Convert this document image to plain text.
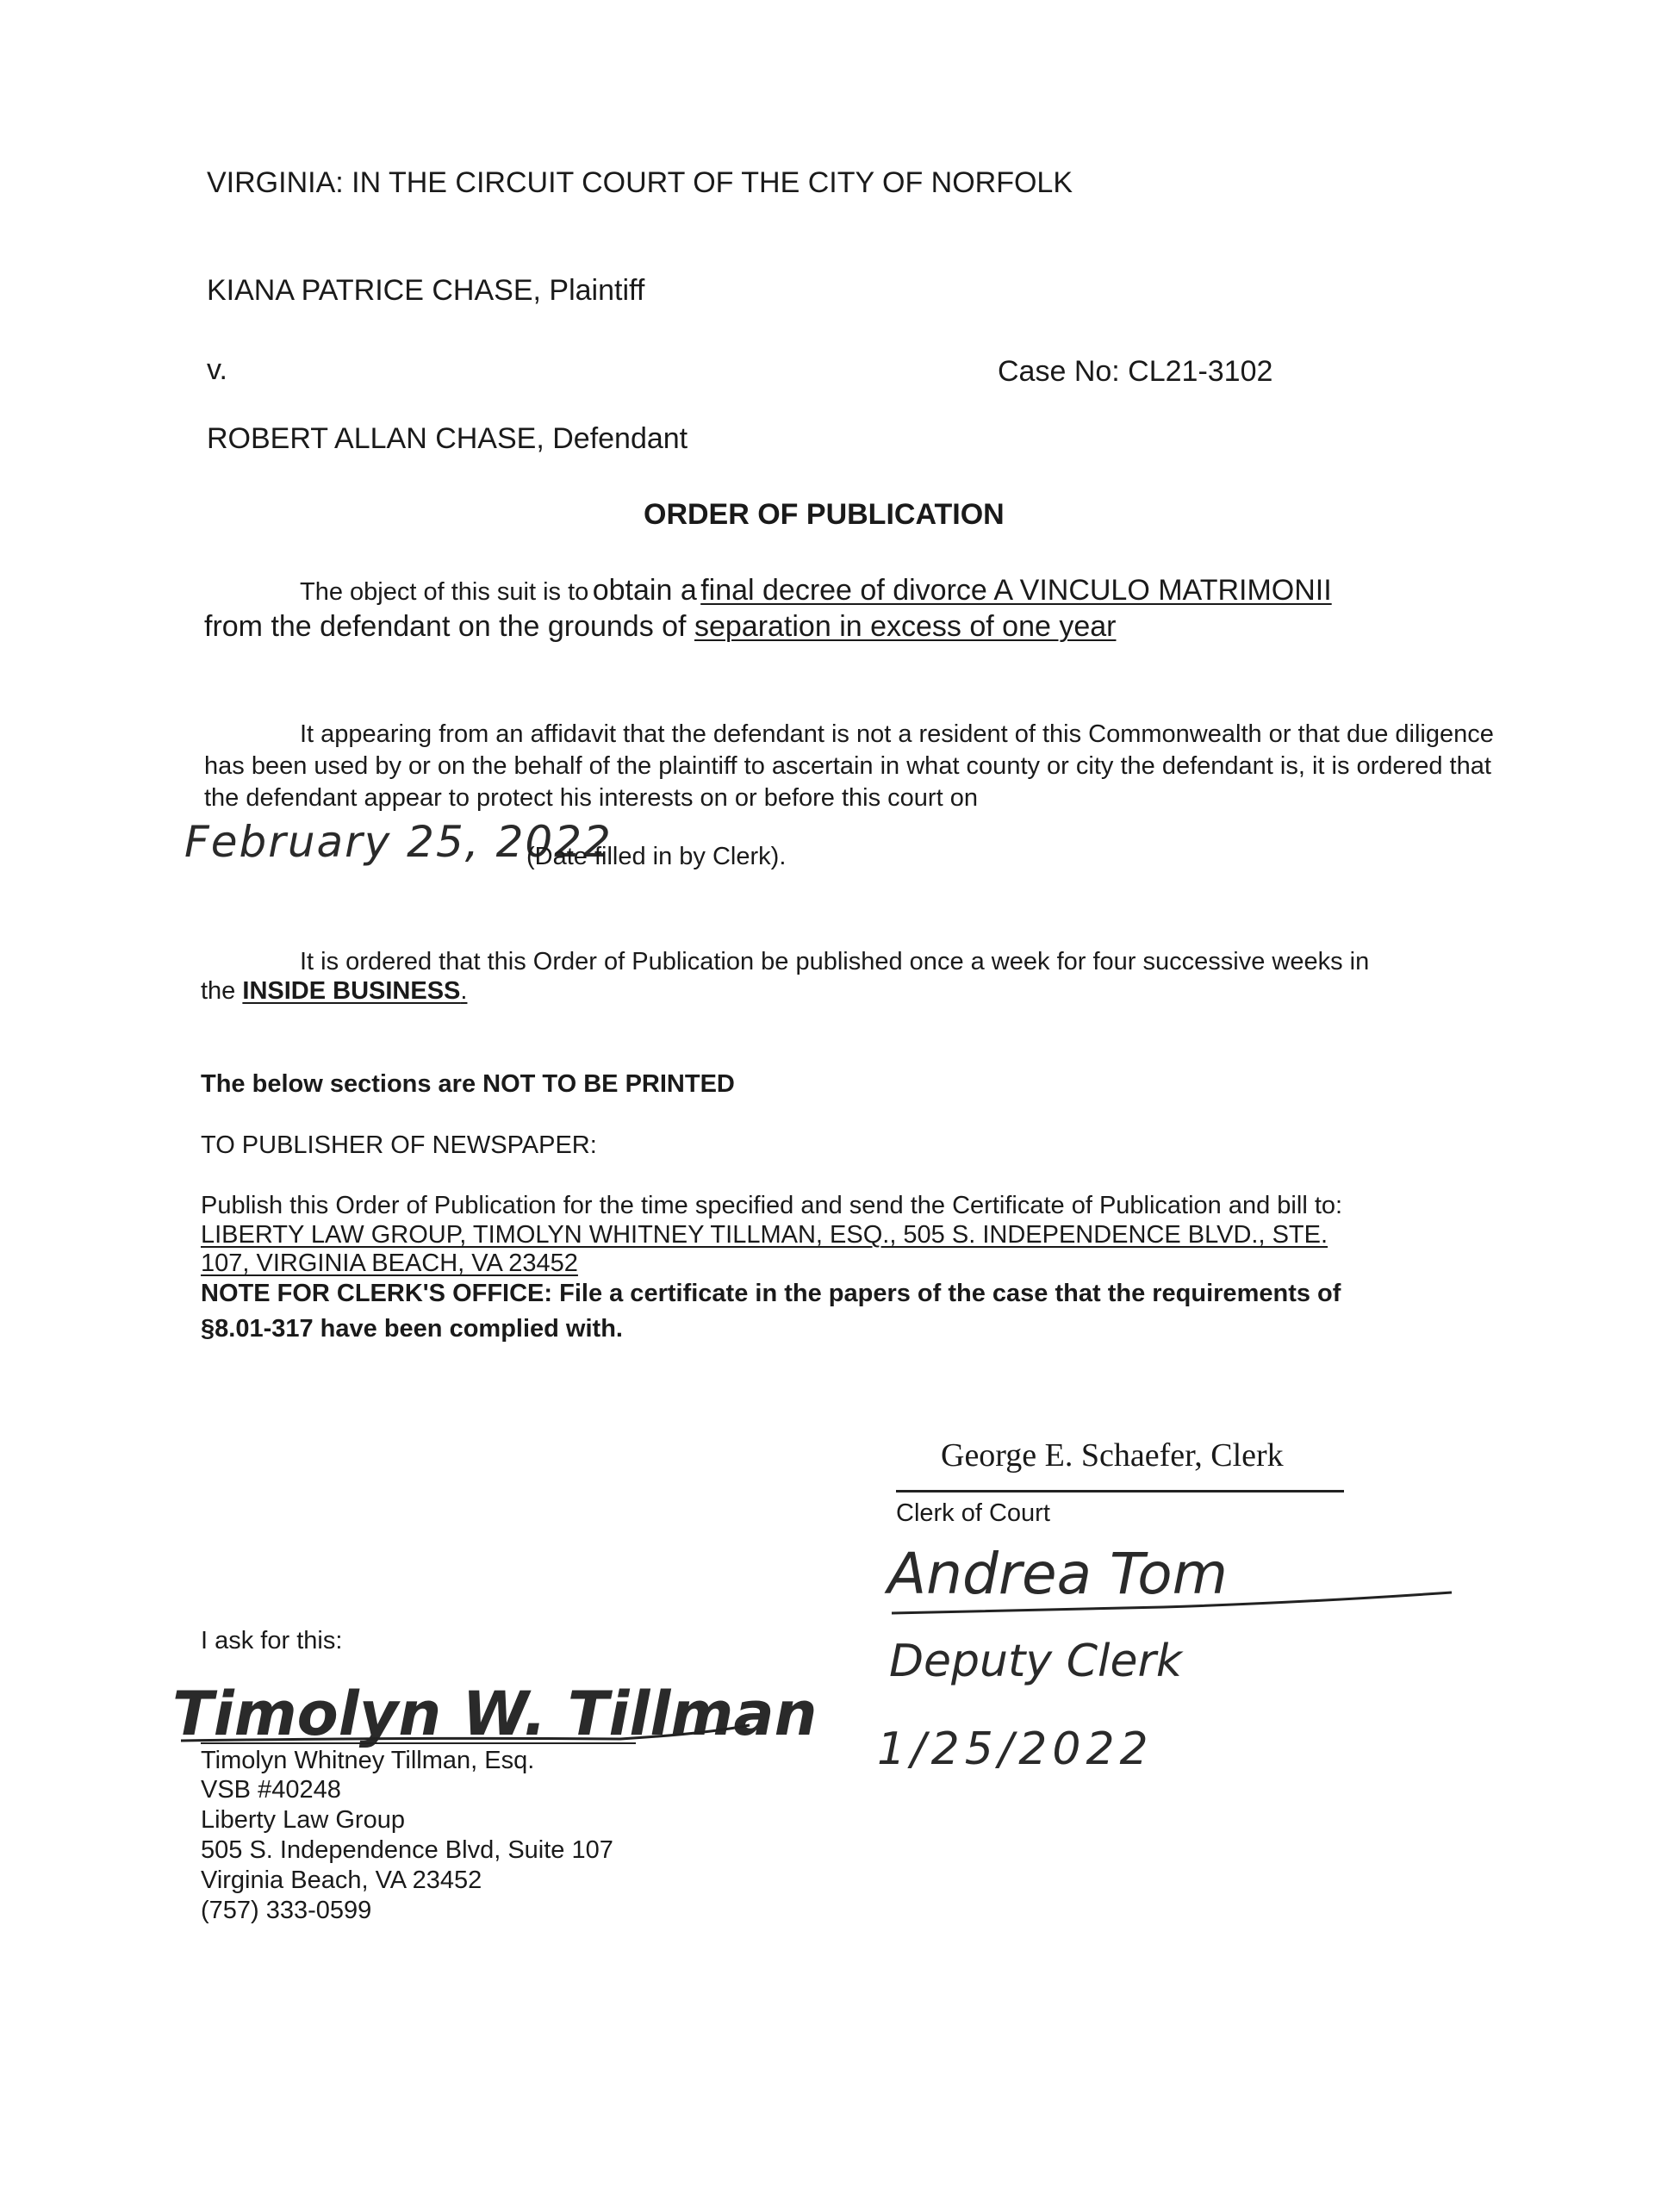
VIRGINIA: IN THE CIRCUIT COURT OF THE CITY OF NORFOLK
KIANA PATRICE CHASE, Plaintiff
v.	Case No: CL21-3102
ROBERT ALLAN CHASE, Defendant
ORDER OF PUBLICATION
The object of this suit is to obtain a final decree of divorce A VINCULO MATRIMONII
from the defendant on the grounds of separation in excess of one year
It appearing from an affidavit that the defendant is not a resident of this Commonwealth or that due diligence has been used by or on the behalf of the plaintiff to ascertain in what county or city the defendant is, it is ordered that the defendant appear to protect his interests on or before this court on
February 25, 2022
(Date filled in by Clerk).
It is ordered that this Order of Publication be published once a week for four successive weeks in
the INSIDE BUSINESS.
The below sections are NOT TO BE PRINTED
TO PUBLISHER OF NEWSPAPER:
Publish this Order of Publication for the time specified and send the Certificate of Publication and bill to:
LIBERTY LAW GROUP, TIMOLYN WHITNEY TILLMAN, ESQ., 505 S. INDEPENDENCE BLVD., STE.
107, VIRGINIA BEACH, VA 23452
NOTE FOR CLERK'S OFFICE: File a certificate in the papers of the case that the requirements of
§8.01-317 have been complied with.
George E. Schaefer, Clerk
Clerk of Court
Andrea Tom
Deputy Clerk
1/25/2022
I ask for this:
Timolyn W. Tillman
Timolyn Whitney Tillman, Esq.
VSB #40248
Liberty Law Group
505 S. Independence Blvd, Suite 107
Virginia Beach, VA 23452
(757) 333-0599
